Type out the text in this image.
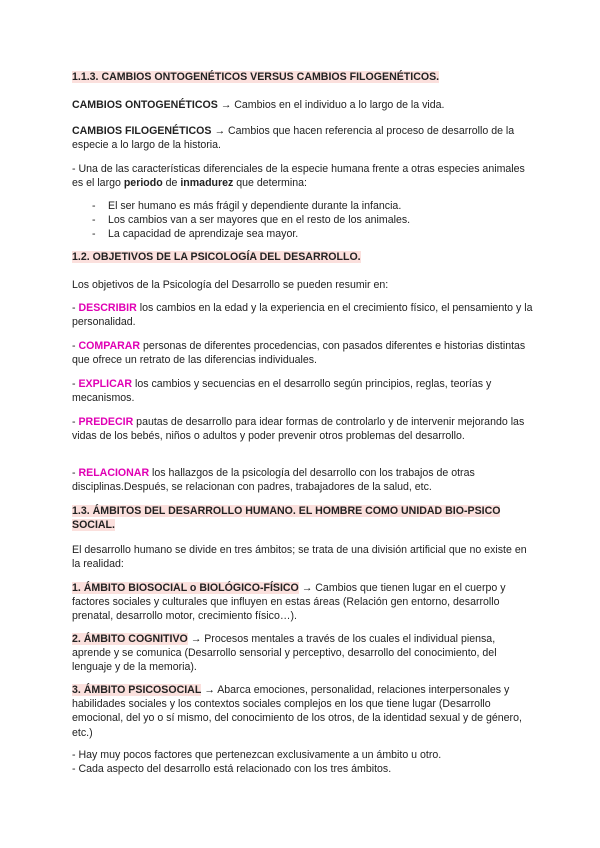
1.1.3. CAMBIOS ONTOGENÉTICOS VERSUS CAMBIOS FILOGENÉTICOS.

CAMBIOS ONTOGENÉTICOS → Cambios en el individuo a lo largo de la vida.

CAMBIOS FILOGENÉTICOS → Cambios que hacen referencia al proceso de desarrollo de la especie a lo largo de la historia.

- Una de las características diferenciales de la especie humana frente a otras especies animales es el largo periodo de inmadurez que determina:

- El ser humano es más frágil y dependiente durante la infancia.
- Los cambios van a ser mayores que en el resto de los animales.
- La capacidad de aprendizaje sea mayor.

1.2. OBJETIVOS DE LA PSICOLOGÍA DEL DESARROLLO.

Los objetivos de la Psicología del Desarrollo se pueden resumir en:

- DESCRIBIR los cambios en la edad y la experiencia en el crecimiento físico, el pensamiento y la personalidad.

- COMPARAR personas de diferentes procedencias, con pasados diferentes e historias distintas que ofrece un retrato de las diferencias individuales.

- EXPLICAR los cambios y secuencias en el desarrollo según principios, reglas, teorías y mecanismos.

- PREDECIR pautas de desarrollo para idear formas de controlarlo y de intervenir mejorando las vidas de los bebés, niños o adultos y poder prevenir otros problemas del desarrollo.

- RELACIONAR los hallazgos de la psicología del desarrollo con los trabajos de otras disciplinas.Después, se relacionan con padres, trabajadores de la salud, etc.

1.3. ÁMBITOS DEL DESARROLLO HUMANO. EL HOMBRE COMO UNIDAD BIO-PSICO SOCIAL.

El desarrollo humano se divide en tres ámbitos; se trata de una división artificial que no existe en la realidad:

1. ÁMBITO BIOSOCIAL o BIOLÓGICO-FÍSICO → Cambios que tienen lugar en el cuerpo y factores sociales y culturales que influyen en estas áreas (Relación gen entorno, desarrollo prenatal, desarrollo motor, crecimiento físico…).

2. ÁMBITO COGNITIVO → Procesos mentales a través de los cuales el individual piensa, aprende y se comunica (Desarrollo sensorial y perceptivo, desarrollo del conocimiento, del lenguaje y de la memoria).

3. ÁMBITO PSICOSOCIAL → Abarca emociones, personalidad, relaciones interpersonales y habilidades sociales y los contextos sociales complejos en los que tiene lugar (Desarrollo emocional, del yo o sí mismo, del conocimiento de los otros, de la identidad sexual y de género, etc.)

- Hay muy pocos factores que pertenezcan exclusivamente a un ámbito u otro.
- Cada aspecto del desarrollo está relacionado con los tres ámbitos.
